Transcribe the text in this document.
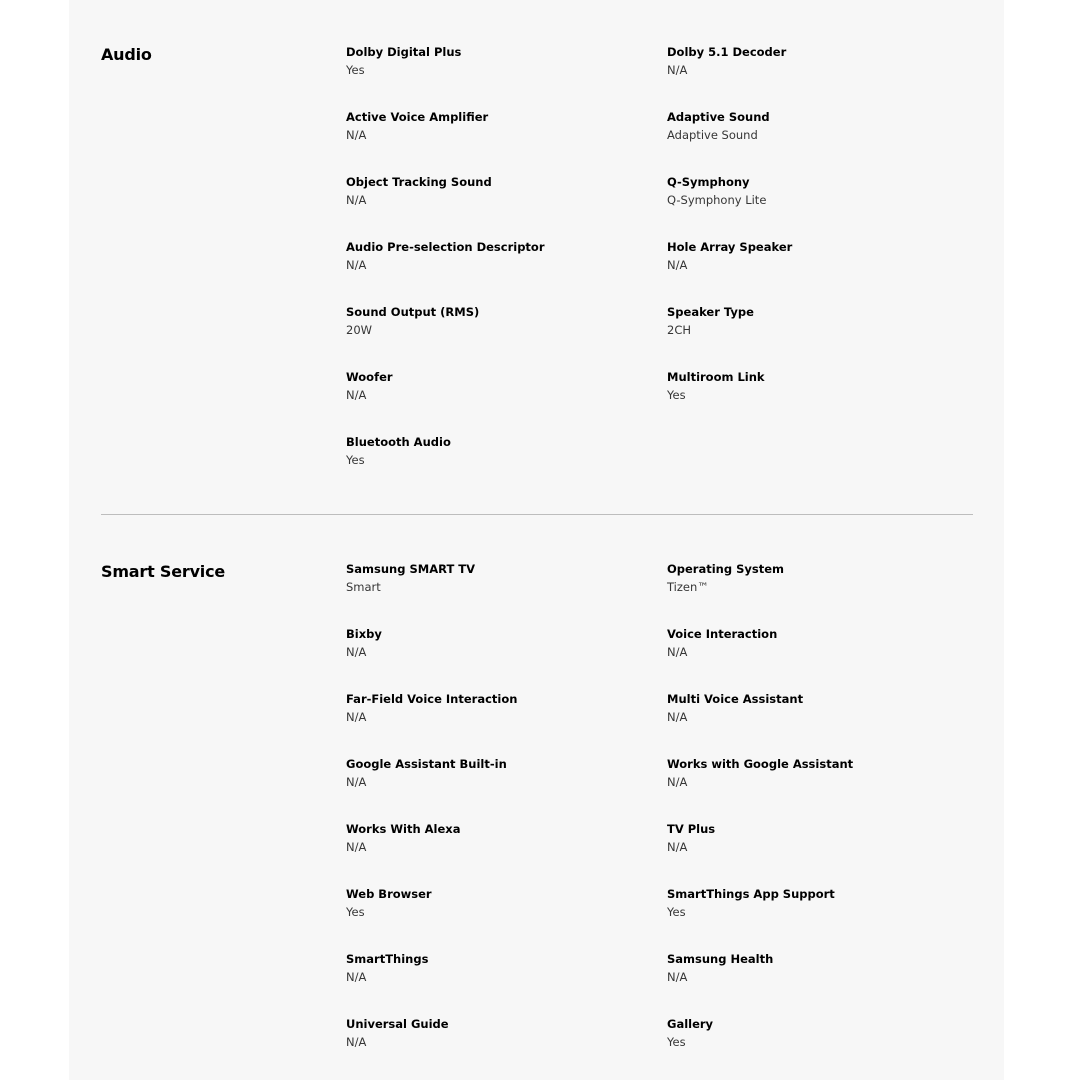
Audio	Dolby Digital Plus
Yes
Dolby 5.1 Decoder
N/A
Active Voice Amplifier
N/A
Adaptive Sound
Adaptive Sound
Object Tracking Sound
N/A
Q-Symphony
Q-Symphony Lite
Audio Pre-selection Descriptor
N/A
Hole Array Speaker
N/A
Sound Output (RMS)
20W
Speaker Type
2CH
Woofer
N/A
Multiroom Link
Yes
Bluetooth Audio
Yes
Smart Service	Samsung SMART TV
Smart
Operating System
Tizen™
Bixby
N/A
Voice Interaction
N/A
Far-Field Voice Interaction
N/A
Multi Voice Assistant
N/A
Google Assistant Built-in
N/A
Works with Google Assistant
N/A
Works With Alexa
N/A
TV Plus
N/A
Web Browser
Yes
SmartThings App Support
Yes
SmartThings
N/A
Samsung Health
N/A
Universal Guide
N/A
Gallery
Yes
